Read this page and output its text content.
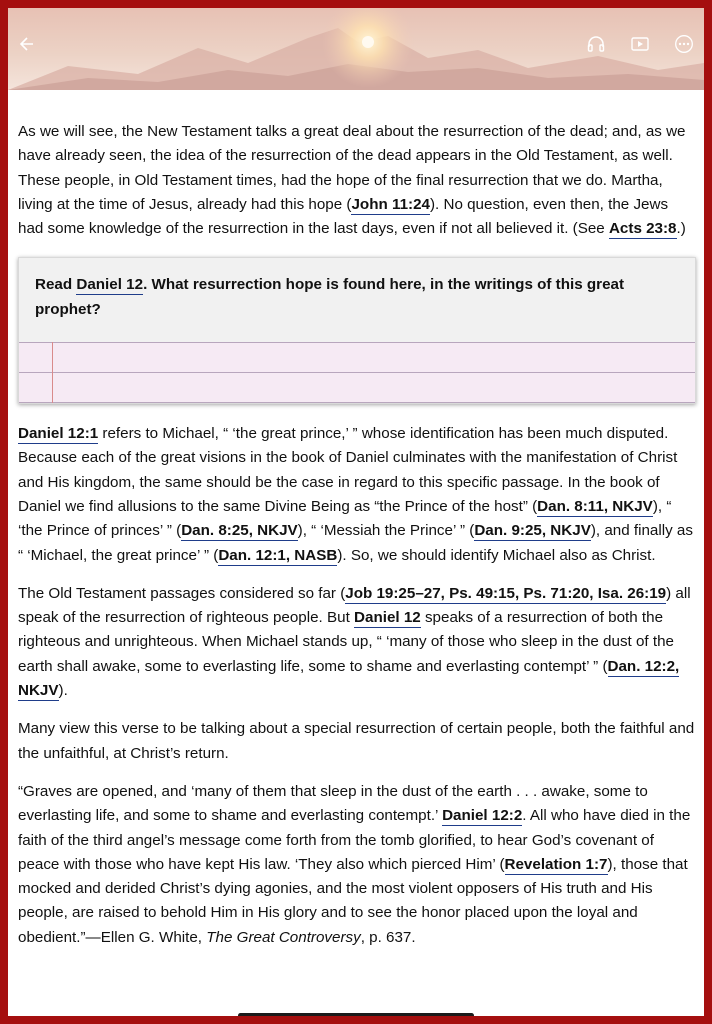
As we will see, the New Testament talks a great deal about the resurrection of the dead; and, as we have already seen, the idea of the resurrection of the dead appears in the Old Testament, as well. These people, in Old Testament times, had the hope of the final resurrection that we do. Martha, living at the time of Jesus, already had this hope (John 11:24). No question, even then, the Jews had some knowledge of the resurrection in the last days, even if not all believed it. (See Acts 23:8.)

Read Daniel 12. What resurrection hope is found here, in the writings of this great prophet?

Daniel 12:1 refers to Michael, “ ‘the great prince,’ ” whose identification has been much disputed. Because each of the great visions in the book of Daniel culminates with the manifestation of Christ and His kingdom, the same should be the case in regard to this specific passage. In the book of Daniel we find allusions to the same Divine Being as “the Prince of the host” (Dan. 8:11, NKJV), “ ‘the Prince of princes’ ” (Dan. 8:25, NKJV), “ ‘Messiah the Prince’ ” (Dan. 9:25, NKJV), and finally as “ ‘Michael, the great prince’ ” (Dan. 12:1, NASB). So, we should identify Michael also as Christ.

The Old Testament passages considered so far (Job 19:25–27, Ps. 49:15, Ps. 71:20, Isa. 26:19) all speak of the resurrection of righteous people. But Daniel 12 speaks of a resurrection of both the righteous and unrighteous. When Michael stands up, “ ‘many of those who sleep in the dust of the earth shall awake, some to everlasting life, some to shame and everlasting contempt’ ” (Dan. 12:2, NKJV).

Many view this verse to be talking about a special resurrection of certain people, both the faithful and the unfaithful, at Christ’s return.

“Graves are opened, and ‘many of them that sleep in the dust of the earth . . . awake, some to everlasting life, and some to shame and everlasting contempt.’ Daniel 12:2. All who have died in the faith of the third angel’s message come forth from the tomb glorified, to hear God’s covenant of peace with those who have kept His law. ‘They also which pierced Him’ (Revelation 1:7), those that mocked and derided Christ’s dying agonies, and the most violent opposers of His truth and His people, are raised to behold Him in His glory and to see the honor placed upon the loyal and obedient.”—Ellen G. White, The Great Controversy, p. 637.
